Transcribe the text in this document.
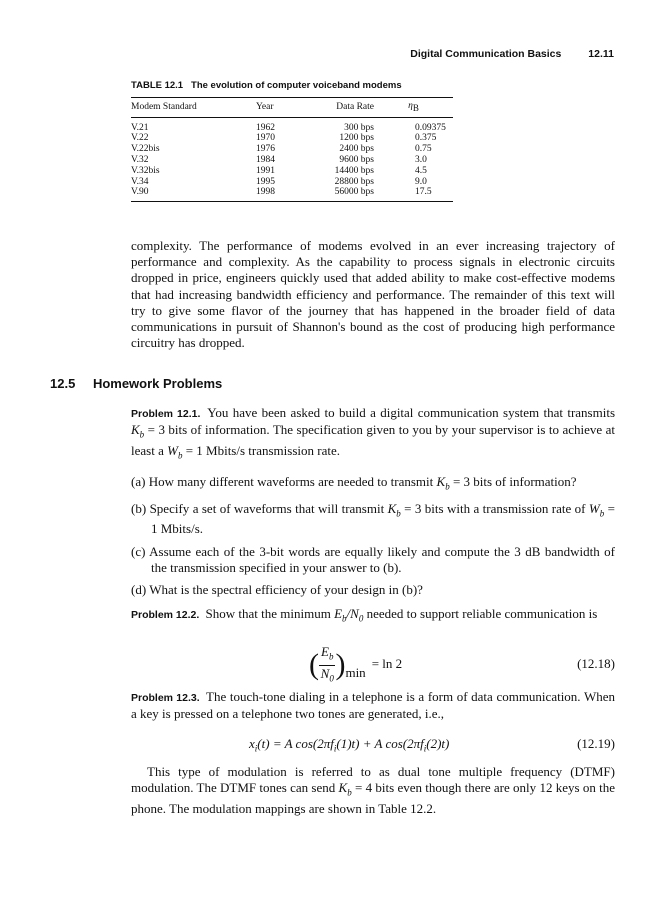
Digital Communication Basics	12.11
TABLE 12.1 The evolution of computer voiceband modems
Modem Standard	Year	Data Rate	$\eta_B$
V.21	1962	300 bps	0.09375
V.22	1970	1200 bps	0.375
V.22bis	1976	2400 bps	0.75
V.32	1984	9600 bps	3.0
V.32bis	1991	14400 bps	4.5
V.34	1995	28800 bps	9.0
V.90	1998	56000 bps	17.5

complexity. The performance of modems evolved in an ever increasing trajectory of performance and complexity. As the capability to process signals in electronic circuits dropped in price, engineers quickly used that added ability to make cost-effective modems that had increasing bandwidth efficiency and performance. The remainder of this text will try to give some flavor of the journey that has happened in the broader field of data communications in pursuit of Shannon's bound as the cost of producing high performance circuitry has dropped.

12.5 Homework Problems

Problem 12.1. You have been asked to build a digital communication system that transmits $K_b = 3$ bits of information. The specification given to you by your supervisor is to achieve at least a $W_b = 1$ Mbits/s transmission rate.

(a) How many different waveforms are needed to transmit $K_b = 3$ bits of information?

(b) Specify a set of waveforms that will transmit $K_b = 3$ bits with a transmission rate of $W_b = 1$ Mbits/s.

(c) Assume each of the 3-bit words are equally likely and compute the 3 dB bandwidth of the transmission specified in your answer to (b).

(d) What is the spectral efficiency of your design in (b)?

Problem 12.2. Show that the minimum $E_b/N_0$ needed to support reliable communication is

( $\frac{E_b}{N_0} )\min= \ln 2$	(12.18)

Problem 12.3. The touch-tone dialing in a telephone is a form of data communication. When a key is pressed on a telephone two tones are generated, i.e.,

$x_i(t) = A$ $\cos(2\pi f_i(1)t) + A$ $\cos(2\pi f_i(2)t)$	(12.19)

This type of modulation is referred to as dual tone multiple frequency (DTMF) modulation. The DTMF tones can send $K_b = 4$ bits even though there are only 12 keys on the phone. The modulation mappings are shown in Table 12.2.
